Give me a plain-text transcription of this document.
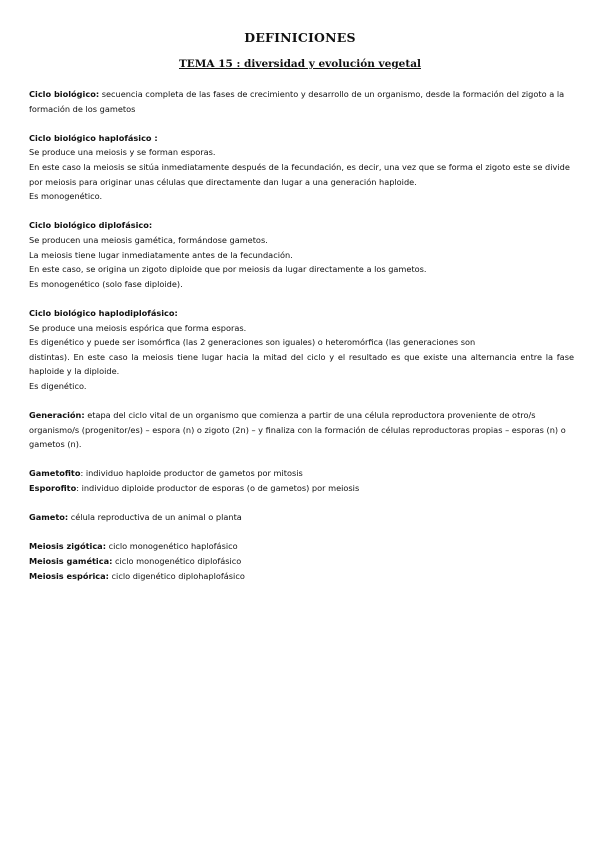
DEFINICIONES
TEMA 15 : diversidad y evolución vegetal
Ciclo biológico: secuencia completa de las fases de crecimiento y desarrollo de un organismo, desde la formación del zigoto a la formación de los gametos
Ciclo biológico haplofásico :
Se produce una meiosis y se forman esporas.
En este caso la meiosis se sitúa inmediatamente después de la fecundación, es decir, una vez que se forma el zigoto este se divide por meiosis para originar unas células que directamente dan lugar a una generación haploide.
Es monogenético.
Ciclo biológico diplofásico:
Se producen una meiosis gamética, formándose gametos.
La meiosis tiene lugar inmediatamente antes de la fecundación.
En este caso, se origina un zigoto diploide que por meiosis da lugar directamente a los gametos.
Es monogenético (solo fase diploide).
Ciclo biológico haplodiplofásico:
Se produce una meiosis espórica que forma esporas.
Es digenético y puede ser isomórfica (las 2 generaciones son iguales) o heteromórfica (las generaciones son
distintas). En este caso la meiosis tiene lugar hacia la mitad del ciclo y el resultado es que existe una alternancia entre la fase haploide y la diploide.
Es digenético.
Generación: etapa del ciclo vital de un organismo que comienza a partir de una célula reproductora proveniente de otro/s organismo/s (progenitor/es) – espora (n) o zigoto (2n) – y finaliza con la formación de células reproductoras propias – esporas (n) o gametos (n).
Gametofito: individuo haploide productor de gametos por mitosis
Esporofito: individuo diploide productor de esporas (o de gametos) por meiosis
Gameto: célula reproductiva de un animal o planta
Meiosis zigótica: ciclo monogenético haplofásico
Meiosis gamética: ciclo monogenético diplofásico
Meiosis espórica: ciclo digenético diplohaplofásico
